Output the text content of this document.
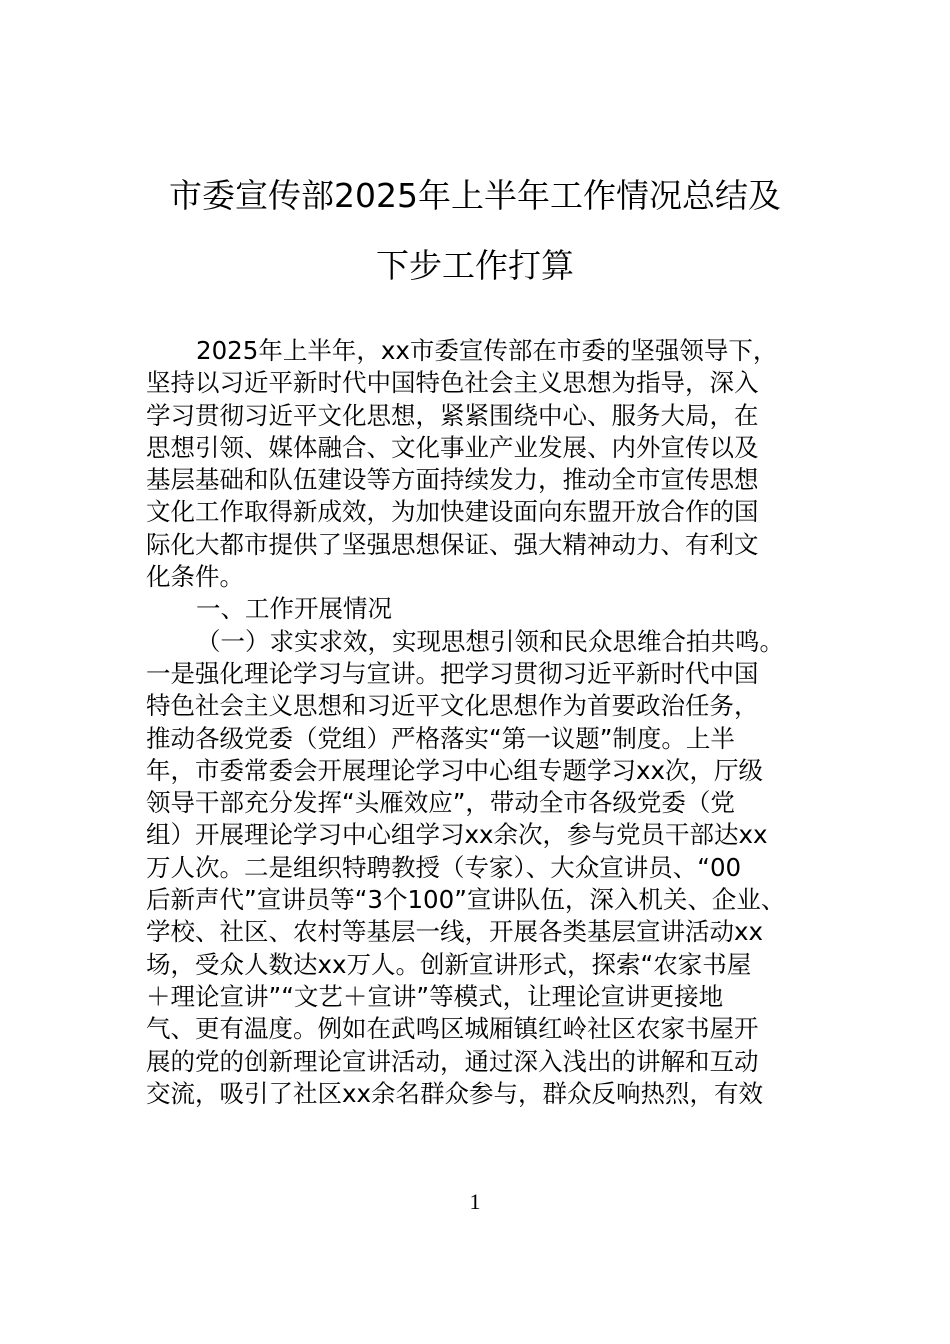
市委宣传部2025年上半年工作情况总结及
下步工作打算
2025年上半年，xx市委宣传部在市委的坚强领导下，
坚持以习近平新时代中国特色社会主义思想为指导，深入
学习贯彻习近平文化思想，紧紧围绕中心、服务大局，在
思想引领、媒体融合、文化事业产业发展、内外宣传以及
基层基础和队伍建设等方面持续发力，推动全市宣传思想
文化工作取得新成效，为加快建设面向东盟开放合作的国
际化大都市提供了坚强思想保证、强大精神动力、有利文
化条件。
一、工作开展情况
（一）求实求效，实现思想引领和民众思维合拍共鸣。
一是强化理论学习与宣讲。把学习贯彻习近平新时代中国
特色社会主义思想和习近平文化思想作为首要政治任务，
推动各级党委（党组）严格落实“第一议题”制度。上半
年，市委常委会开展理论学习中心组专题学习xx次，厅级
领导干部充分发挥“头雁效应”，带动全市各级党委（党
组）开展理论学习中心组学习xx余次，参与党员干部达xx
万人次。二是组织特聘教授（专家）、大众宣讲员、“00
后新声代”宣讲员等“3个100”宣讲队伍，深入机关、企业、
学校、社区、农村等基层一线，开展各类基层宣讲活动xx
场，受众人数达xx万人。创新宣讲形式，探索“农家书屋
＋理论宣讲”“文艺＋宣讲”等模式，让理论宣讲更接地
气、更有温度。例如在武鸣区城厢镇红岭社区农家书屋开
展的党的创新理论宣讲活动，通过深入浅出的讲解和互动
交流，吸引了社区xx余名群众参与，群众反响热烈，有效
1
